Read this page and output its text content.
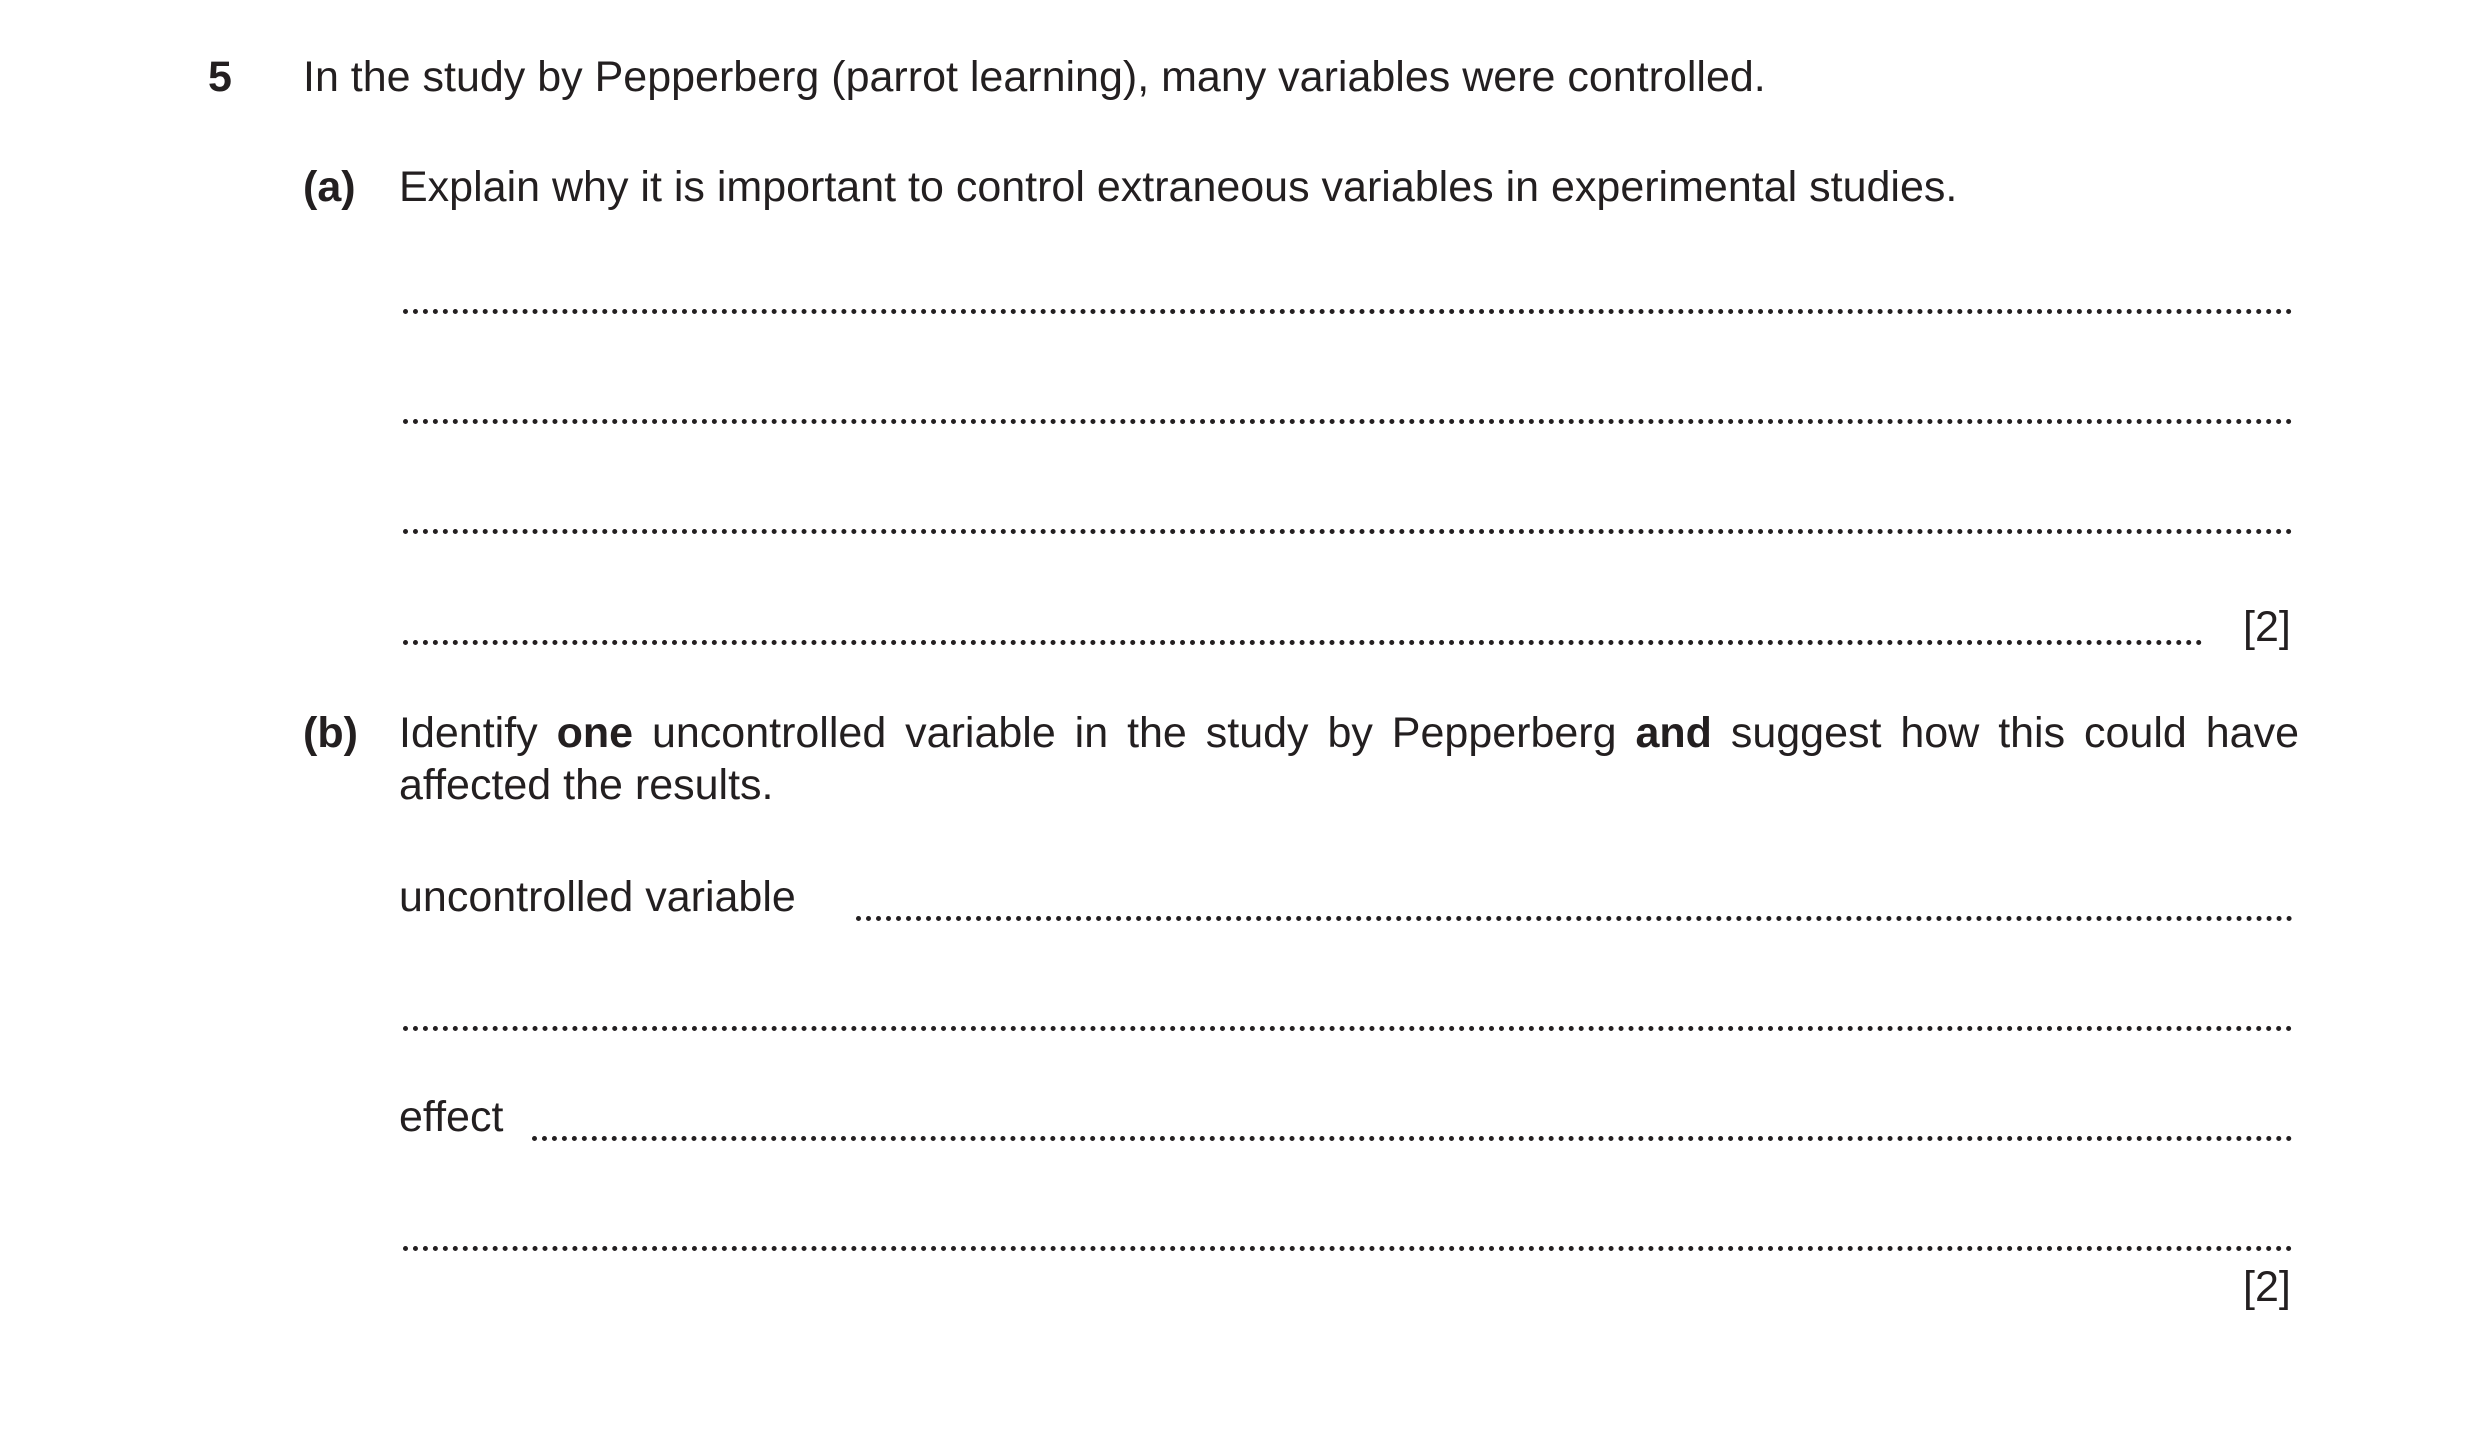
5 In the study by Pepperberg (parrot learning), many variables were controlled.
(a) Explain why it is important to control extraneous variables in experimental studies.
[2]
(b) Identify one uncontrolled variable in the study by Pepperberg and suggest how this could have affected the results.
uncontrolled variable
effect
[2]
